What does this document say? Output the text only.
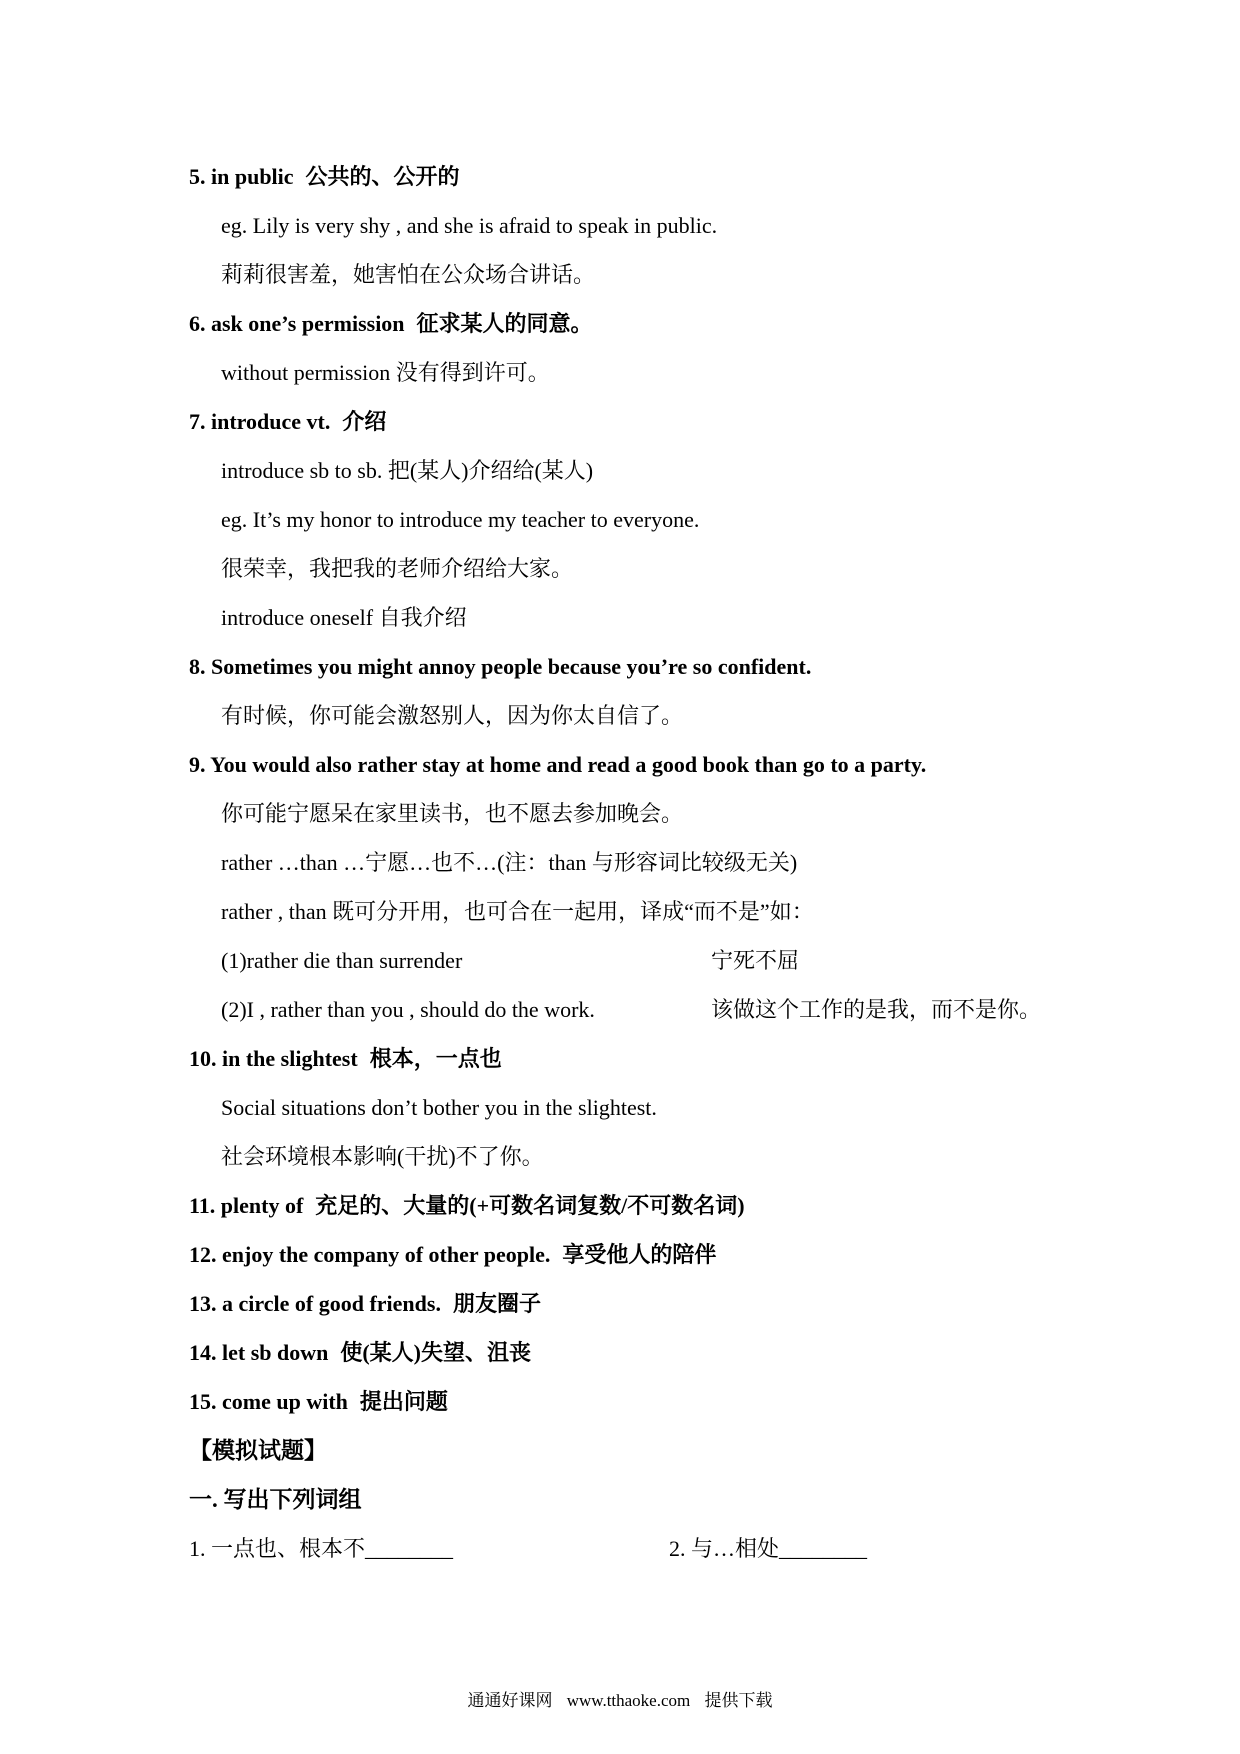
5. in public 公共的、公开的
eg. Lily is very shy , and she is afraid to speak in public.
莉莉很害羞，她害怕在公众场合讲话。
6. ask one’s permission 征求某人的同意。
without permission 没有得到许可。
7. introduce vt. 介绍
introduce sb to sb. 把(某人)介绍给(某人)
eg. It’s my honor to introduce my teacher to everyone.
很荣幸，我把我的老师介绍给大家。
introduce oneself 自我介绍
8. Sometimes you might annoy people because you’re so confident.
有时候，你可能会激怒别人，因为你太自信了。
9. You would also rather stay at home and read a good book than go to a party.
你可能宁愿呆在家里读书，也不愿去参加晚会。
rather …than …宁愿…也不…(注：than 与形容词比较级无关)
rather , than 既可分开用，也可合在一起用，译成“而不是”如：
(1)rather die than surrender	宁死不屈
(2)I , rather than you , should do the work.	该做这个工作的是我，而不是你。
10. in the slightest 根本，一点也
Social situations don’t bother you in the slightest.
社会环境根本影响(干扰)不了你。
11. plenty of 充足的、大量的(+可数名词复数/不可数名词)
12. enjoy the company of other people. 享受他人的陪伴
13. a circle of good friends. 朋友圈子
14. let sb down 使(某人)失望、沮丧
15. come up with 提出问题
【模拟试题】
一. 写出下列词组
1. 一点也、根本不________	2. 与…相处________
通通好课网 www.tthaoke.com 提供下载
